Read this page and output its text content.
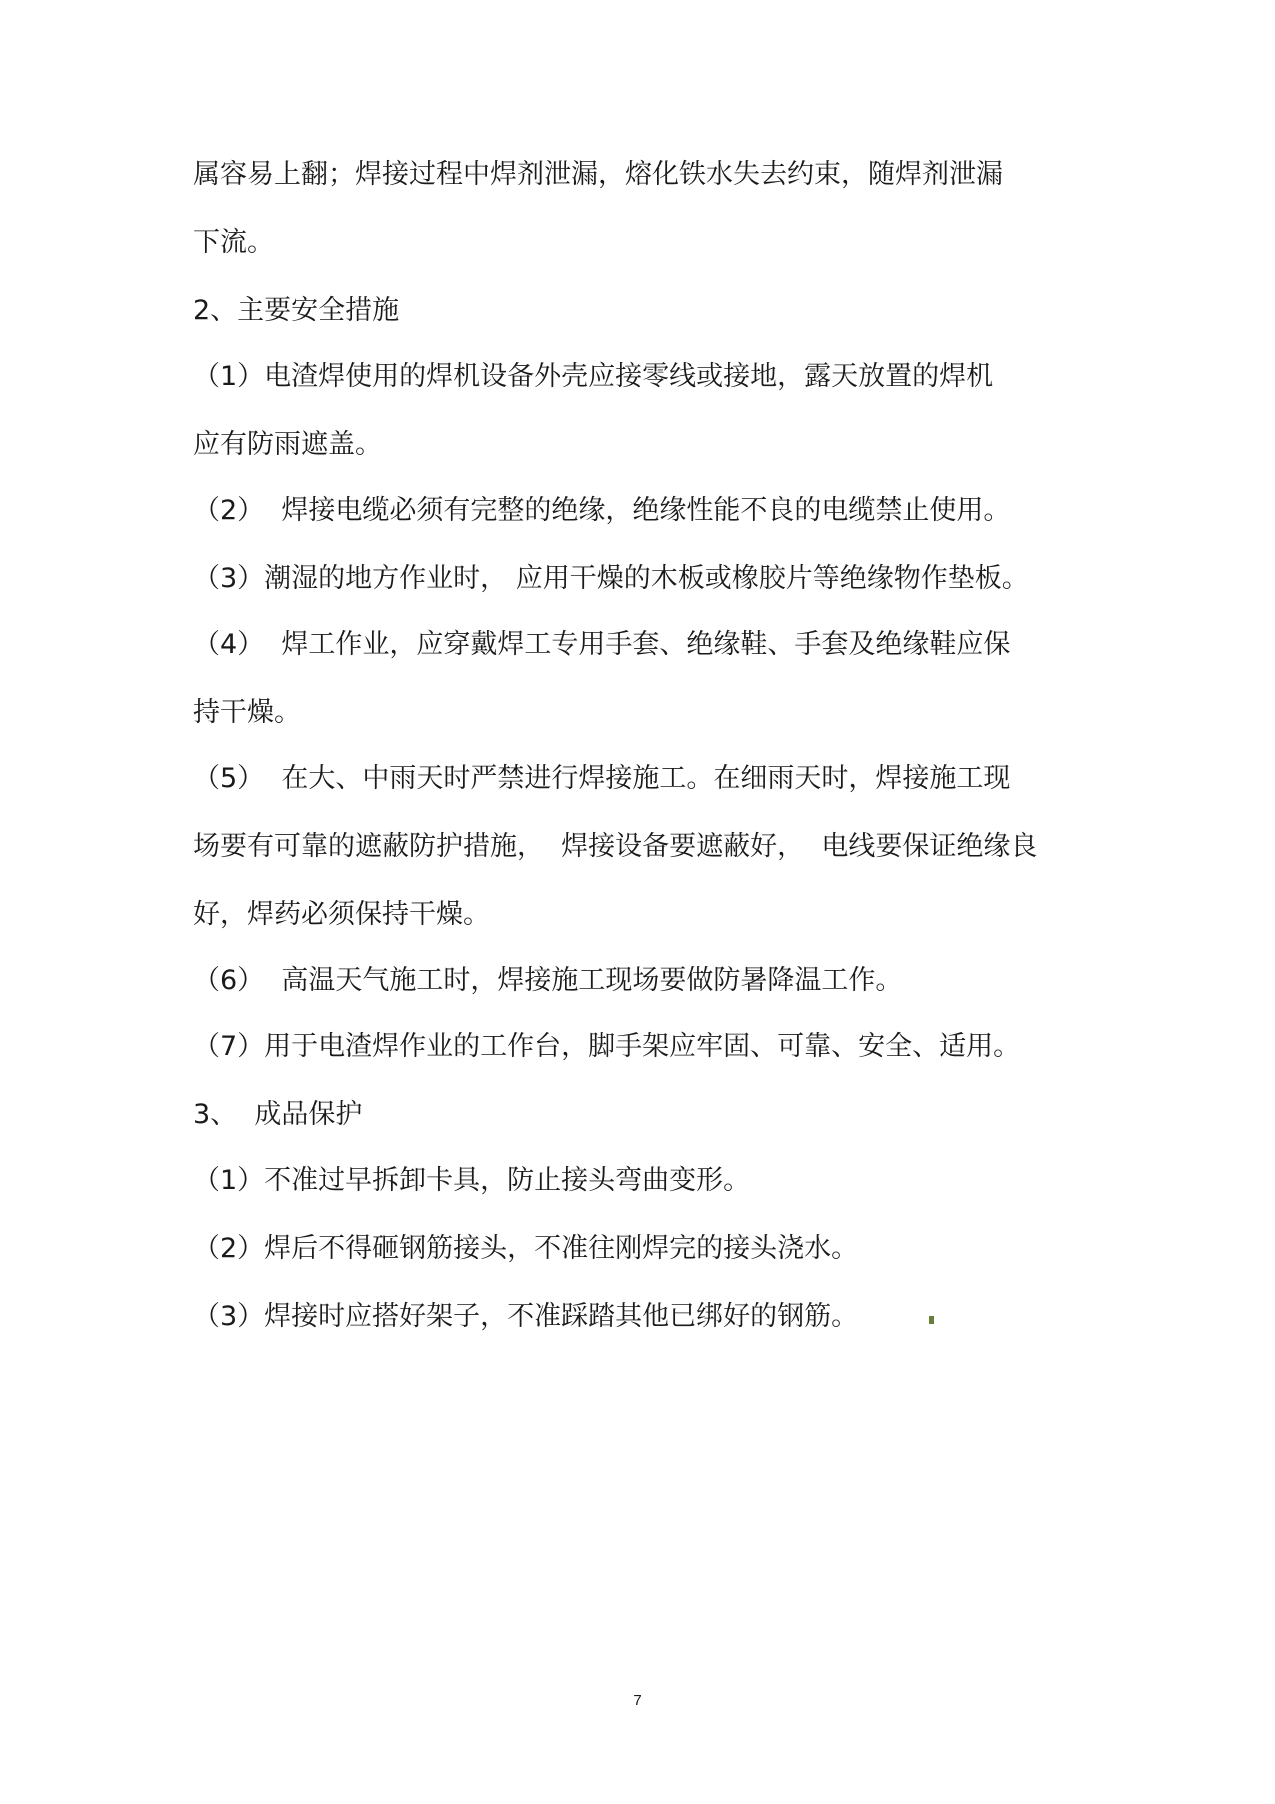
属容易上翻；焊接过程中焊剂泄漏，熔化铁水失去约束，随焊剂泄漏
下流。
2、主要安全措施
（1）电渣焊使用的焊机设备外壳应接零线或接地，露天放置的焊机
应有防雨遮盖。
（2）  焊接电缆必须有完整的绝缘，绝缘性能不良的电缆禁止使用。
（3）潮湿的地方作业时， 应用干燥的木板或橡胶片等绝缘物作垫板。
（4）  焊工作业，应穿戴焊工专用手套、绝缘鞋、手套及绝缘鞋应保
持干燥。
（5）  在大、中雨天时严禁进行焊接施工。在细雨天时，焊接施工现
场要有可靠的遮蔽防护措施，  焊接设备要遮蔽好，  电线要保证绝缘良
好，焊药必须保持干燥。
（6）  高温天气施工时，焊接施工现场要做防暑降温工作。
（7）用于电渣焊作业的工作台，脚手架应牢固、可靠、安全、适用。
3、  成品保护
（1）不准过早拆卸卡具，防止接头弯曲变形。
（2）焊后不得砸钢筋接头，不准往刚焊完的接头浇水。
（3）焊接时应搭好架子，不准踩踏其他已绑好的钢筋。
7
